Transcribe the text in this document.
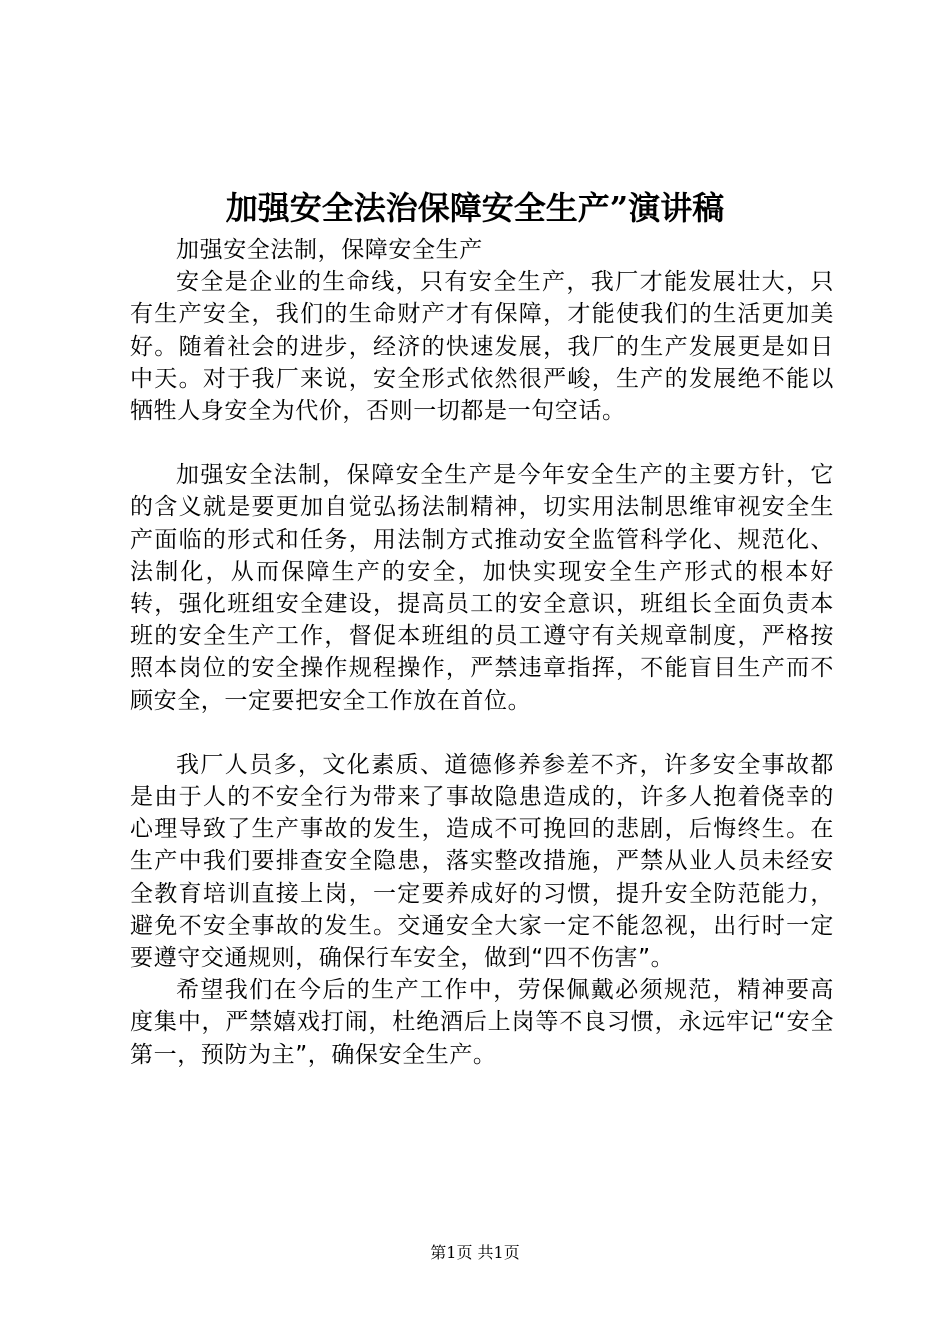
加强安全法治保障安全生产”演讲稿

加强安全法制，保障安全生产

安全是企业的生命线，只有安全生产，我厂才能发展壮大，只有生产安全，我们的生命财产才有保障，才能使我们的生活更加美好。随着社会的进步，经济的快速发展，我厂的生产发展更是如日中天。对于我厂来说，安全形式依然很严峻，生产的发展绝不能以牺牲人身安全为代价，否则一切都是一句空话。

加强安全法制，保障安全生产是今年安全生产的主要方针，它的含义就是要更加自觉弘扬法制精神，切实用法制思维审视安全生产面临的形式和任务，用法制方式推动安全监管科学化、规范化、法制化，从而保障生产的安全，加快实现安全生产形式的根本好转，强化班组安全建设，提高员工的安全意识，班组长全面负责本班的安全生产工作，督促本班组的员工遵守有关规章制度，严格按照本岗位的安全操作规程操作，严禁违章指挥，不能盲目生产而不顾安全，一定要把安全工作放在首位。

我厂人员多，文化素质、道德修养参差不齐，许多安全事故都是由于人的不安全行为带来了事故隐患造成的，许多人抱着侥幸的心理导致了生产事故的发生，造成不可挽回的悲剧，后悔终生。在生产中我们要排查安全隐患，落实整改措施，严禁从业人员未经安全教育培训直接上岗，一定要养成好的习惯，提升安全防范能力，避免不安全事故的发生。交通安全大家一定不能忽视，出行时一定要遵守交通规则，确保行车安全，做到“四不伤害”。

希望我们在今后的生产工作中，劳保佩戴必须规范，精神要高度集中，严禁嬉戏打闹，杜绝酒后上岗等不良习惯，永远牢记“安全第一，预防为主”，确保安全生产。

第1页 共1页
